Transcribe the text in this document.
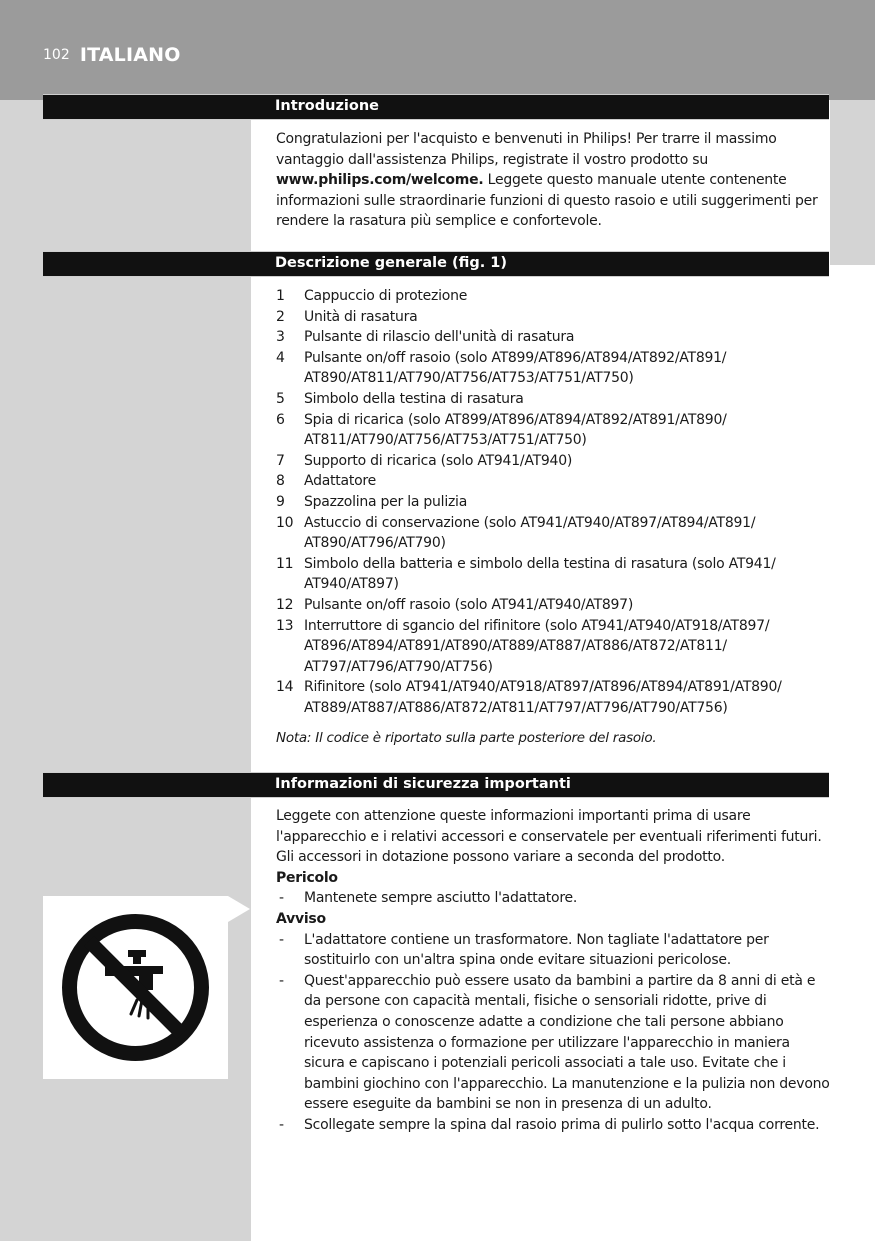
102 ITALIANO
Introduzione

Congratulazioni per l'acquisto e benvenuti in Philips! Per trarre il massimo vantaggio dall'assistenza Philips, registrate il vostro prodotto su www.philips.com/welcome. Leggete questo manuale utente contenente informazioni sulle straordinarie funzioni di questo rasoio e utili suggerimenti per rendere la rasatura più semplice e confortevole.

Descrizione generale (fig. 1)
1 Cappuccio di protezione
2 Unità di rasatura
3 Pulsante di rilascio dell'unità di rasatura
4 Pulsante on/off rasoio (solo AT899/AT896/AT894/AT892/AT891/ AT890/AT811/AT790/AT756/AT753/AT751/AT750)
5 Simbolo della testina di rasatura
6 Spia di ricarica (solo AT899/AT896/AT894/AT892/AT891/AT890/ AT811/AT790/AT756/AT753/AT751/AT750)
7 Supporto di ricarica (solo AT941/AT940)
8 Adattatore
9 Spazzolina per la pulizia
10 Astuccio di conservazione (solo AT941/AT940/AT897/AT894/AT891/ AT890/AT796/AT790)
11 Simbolo della batteria e simbolo della testina di rasatura (solo AT941/ AT940/AT897)
12 Pulsante on/off rasoio (solo AT941/AT940/AT897)
13 Interruttore di sgancio del rifinitore (solo AT941/AT940/AT918/AT897/ AT896/AT894/AT891/AT890/AT889/AT887/AT886/AT872/AT811/ AT797/AT796/AT790/AT756)
14 Rifinitore (solo AT941/AT940/AT918/AT897/AT896/AT894/AT891/AT890/ AT889/AT887/AT886/AT872/AT811/AT797/AT796/AT790/AT756)

Nota: Il codice è riportato sulla parte posteriore del rasoio.

Informazioni di sicurezza importanti

Leggete con attenzione queste informazioni importanti prima di usare l'apparecchio e i relativi accessori e conservatele per eventuali riferimenti futuri. Gli accessori in dotazione possono variare a seconda del prodotto.

Pericolo

- Mantenete sempre asciutto l'adattatore.

Avviso

- L'adattatore contiene un trasformatore. Non tagliate l'adattatore per sostituirlo con un'altra spina onde evitare situazioni pericolose.
- Quest'apparecchio può essere usato da bambini a partire da 8 anni di età e da persone con capacità mentali, fisiche o sensoriali ridotte, prive di esperienza o conoscenze adatte a condizione che tali persone abbiano ricevuto assistenza o formazione per utilizzare l'apparecchio in maniera sicura e capiscano i potenziali pericoli associati a tale uso. Evitate che i bambini giochino con l'apparecchio. La manutenzione e la pulizia non devono essere eseguite da bambini se non in presenza di un adulto.
- Scollegate sempre la spina dal rasoio prima di pulirlo sotto l'acqua corrente.
